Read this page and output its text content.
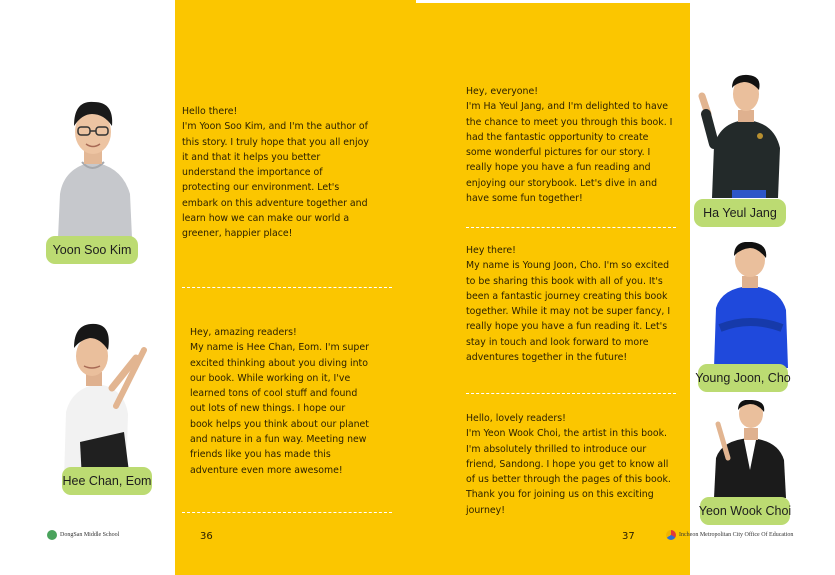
Yoon Soo Kim
Hee Chan, Eom
Ha Yeul Jang
Young Joon, Cho
Yeon Wook Choi
Hello there!
I'm Yoon Soo Kim, and I'm the author of this story. I truly hope that you all enjoy it and that it helps you better understand the importance of protecting our environment. Let's embark on this adventure together and learn how we can make our world a greener, happier place!
Hey, amazing readers!
My name is Hee Chan, Eom. I'm super excited thinking about you diving into our book. While working on it, I've learned tons of cool stuff and found out lots of new things. I hope our book helps you think about our planet and nature in a fun way. Meeting new friends like you has made this adventure even more awesome!
Hey, everyone!
I'm Ha Yeul Jang, and I'm delighted to have the chance to meet you through this book. I had the fantastic opportunity to create some wonderful pictures for our story. I really hope you have a fun reading and enjoying our storybook. Let's dive in and have some fun together!
Hey there!
My name is Young Joon, Cho. I'm so excited to be sharing this book with all of you. It's been a fantastic journey creating this book together. While it may not be super fancy, I really hope you have a fun reading it. Let's stay in touch and look forward to more adventures together in the future!
Hello, lovely readers!
I'm Yeon Wook Choi, the artist in this book. I'm absolutely thrilled to introduce our friend, Sandong. I hope you get to know all of us better through the pages of this book. Thank you for joining us on this exciting journey!
36	37
DongSan Middle School	Incheon Metropolitan City Office Of Education
